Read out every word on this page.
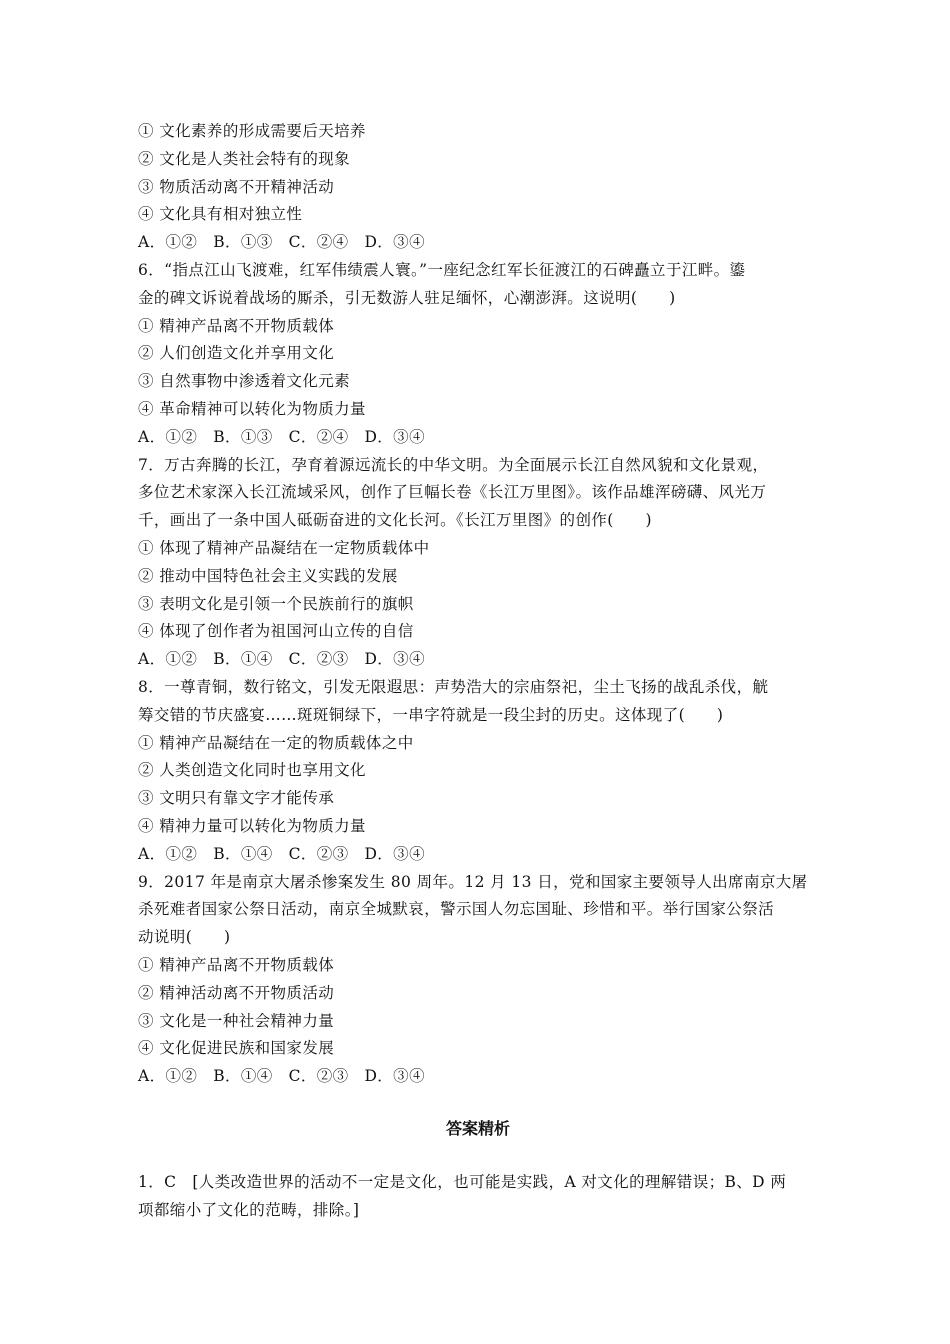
① 文化素养的形成需要后天培养
② 文化是人类社会特有的现象
③ 物质活动离不开精神活动
④ 文化具有相对独立性
A．①②　B．①③　C．②④　D．③④
6．“指点江山飞渡难，红军伟绩震人寰。”一座纪念红军长征渡江的石碑矗立于江畔。鎏
金的碑文诉说着战场的厮杀，引无数游人驻足缅怀，心潮澎湃。这说明(　　)
① 精神产品离不开物质载体
② 人们创造文化并享用文化
③ 自然事物中渗透着文化元素
④ 革命精神可以转化为物质力量
A．①②　B．①③　C．②④　D．③④
7．万古奔腾的长江，孕育着源远流长的中华文明。为全面展示长江自然风貌和文化景观，
多位艺术家深入长江流域采风，创作了巨幅长卷《长江万里图》。该作品雄浑磅礴、风光万
千，画出了一条中国人砥砺奋进的文化长河。《长江万里图》的创作(　　)
① 体现了精神产品凝结在一定物质载体中
② 推动中国特色社会主义实践的发展
③ 表明文化是引领一个民族前行的旗帜
④ 体现了创作者为祖国河山立传的自信
A．①②　B．①④　C．②③　D．③④
8．一尊青铜，数行铭文，引发无限遐思：声势浩大的宗庙祭祀，尘土飞扬的战乱杀伐，觥
筹交错的节庆盛宴……斑斑铜绿下，一串字符就是一段尘封的历史。这体现了(　　)
① 精神产品凝结在一定的物质载体之中
② 人类创造文化同时也享用文化
③ 文明只有靠文字才能传承
④ 精神力量可以转化为物质力量
A．①②　B．①④　C．②③　D．③④
9．2017 年是南京大屠杀惨案发生 80 周年。12 月 13 日，党和国家主要领导人出席南京大屠
杀死难者国家公祭日活动，南京全城默哀，警示国人勿忘国耻、珍惜和平。举行国家公祭活
动说明(　　)
① 精神产品离不开物质载体
② 精神活动离不开物质活动
③ 文化是一种社会精神力量
④ 文化促进民族和国家发展
A．①②　B．①④　C．②③　D．③④
答案精析
1．C　[人类改造世界的活动不一定是文化，也可能是实践，A 对文化的理解错误；B、D 两
项都缩小了文化的范畴，排除。]
